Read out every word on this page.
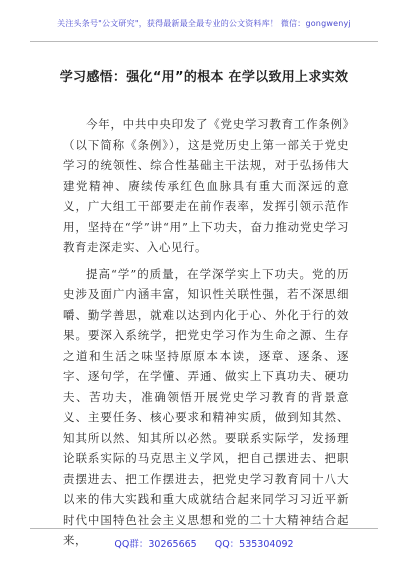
关注头条号"公文研究"，获得最新最全最专业的公文资料库！ 微信：gongwenyj
学习感悟：强化“用”的根本 在学以致用上求实效

今年，中共中央印发了《党史学习教育工作条例》（以下简称《条例》），这是党历史上第一部关于党史学习的统领性、综合性基础主干法规，对于弘扬伟大建党精神、赓续传承红色血脉具有重大而深远的意义，广大组工干部要走在前作表率，发挥引领示范作用，坚持在“学”讲“用”上下功夫，奋力推动党史学习教育走深走实、入心见行。

提高“学”的质量，在学深学实上下功夫。党的历史涉及面广内涵丰富，知识性关联性强，若不深思细嚼、勤学善思，就难以达到内化于心、外化于行的效果。要深入系统学，把党史学习作为生命之源、生存之道和生活之味坚持原原本本读，逐章、逐条、逐字、逐句学，在学懂、弄通、做实上下真功夫、硬功夫、苦功夫，准确领悟开展党史学习教育的背景意义、主要任务、核心要求和精神实质，做到知其然、知其所以然、知其所以必然。要联系实际学，发扬理论联系实际的马克思主义学风，把自己摆进去、把职责摆进去、把工作摆进去，把党史学习教育同十八大以来的伟大实践和重大成就结合起来同学习习近平新时代中国特色社会主义思想和党的二十大精神结合起来，	QQ群：30265665 QQ：535304092
